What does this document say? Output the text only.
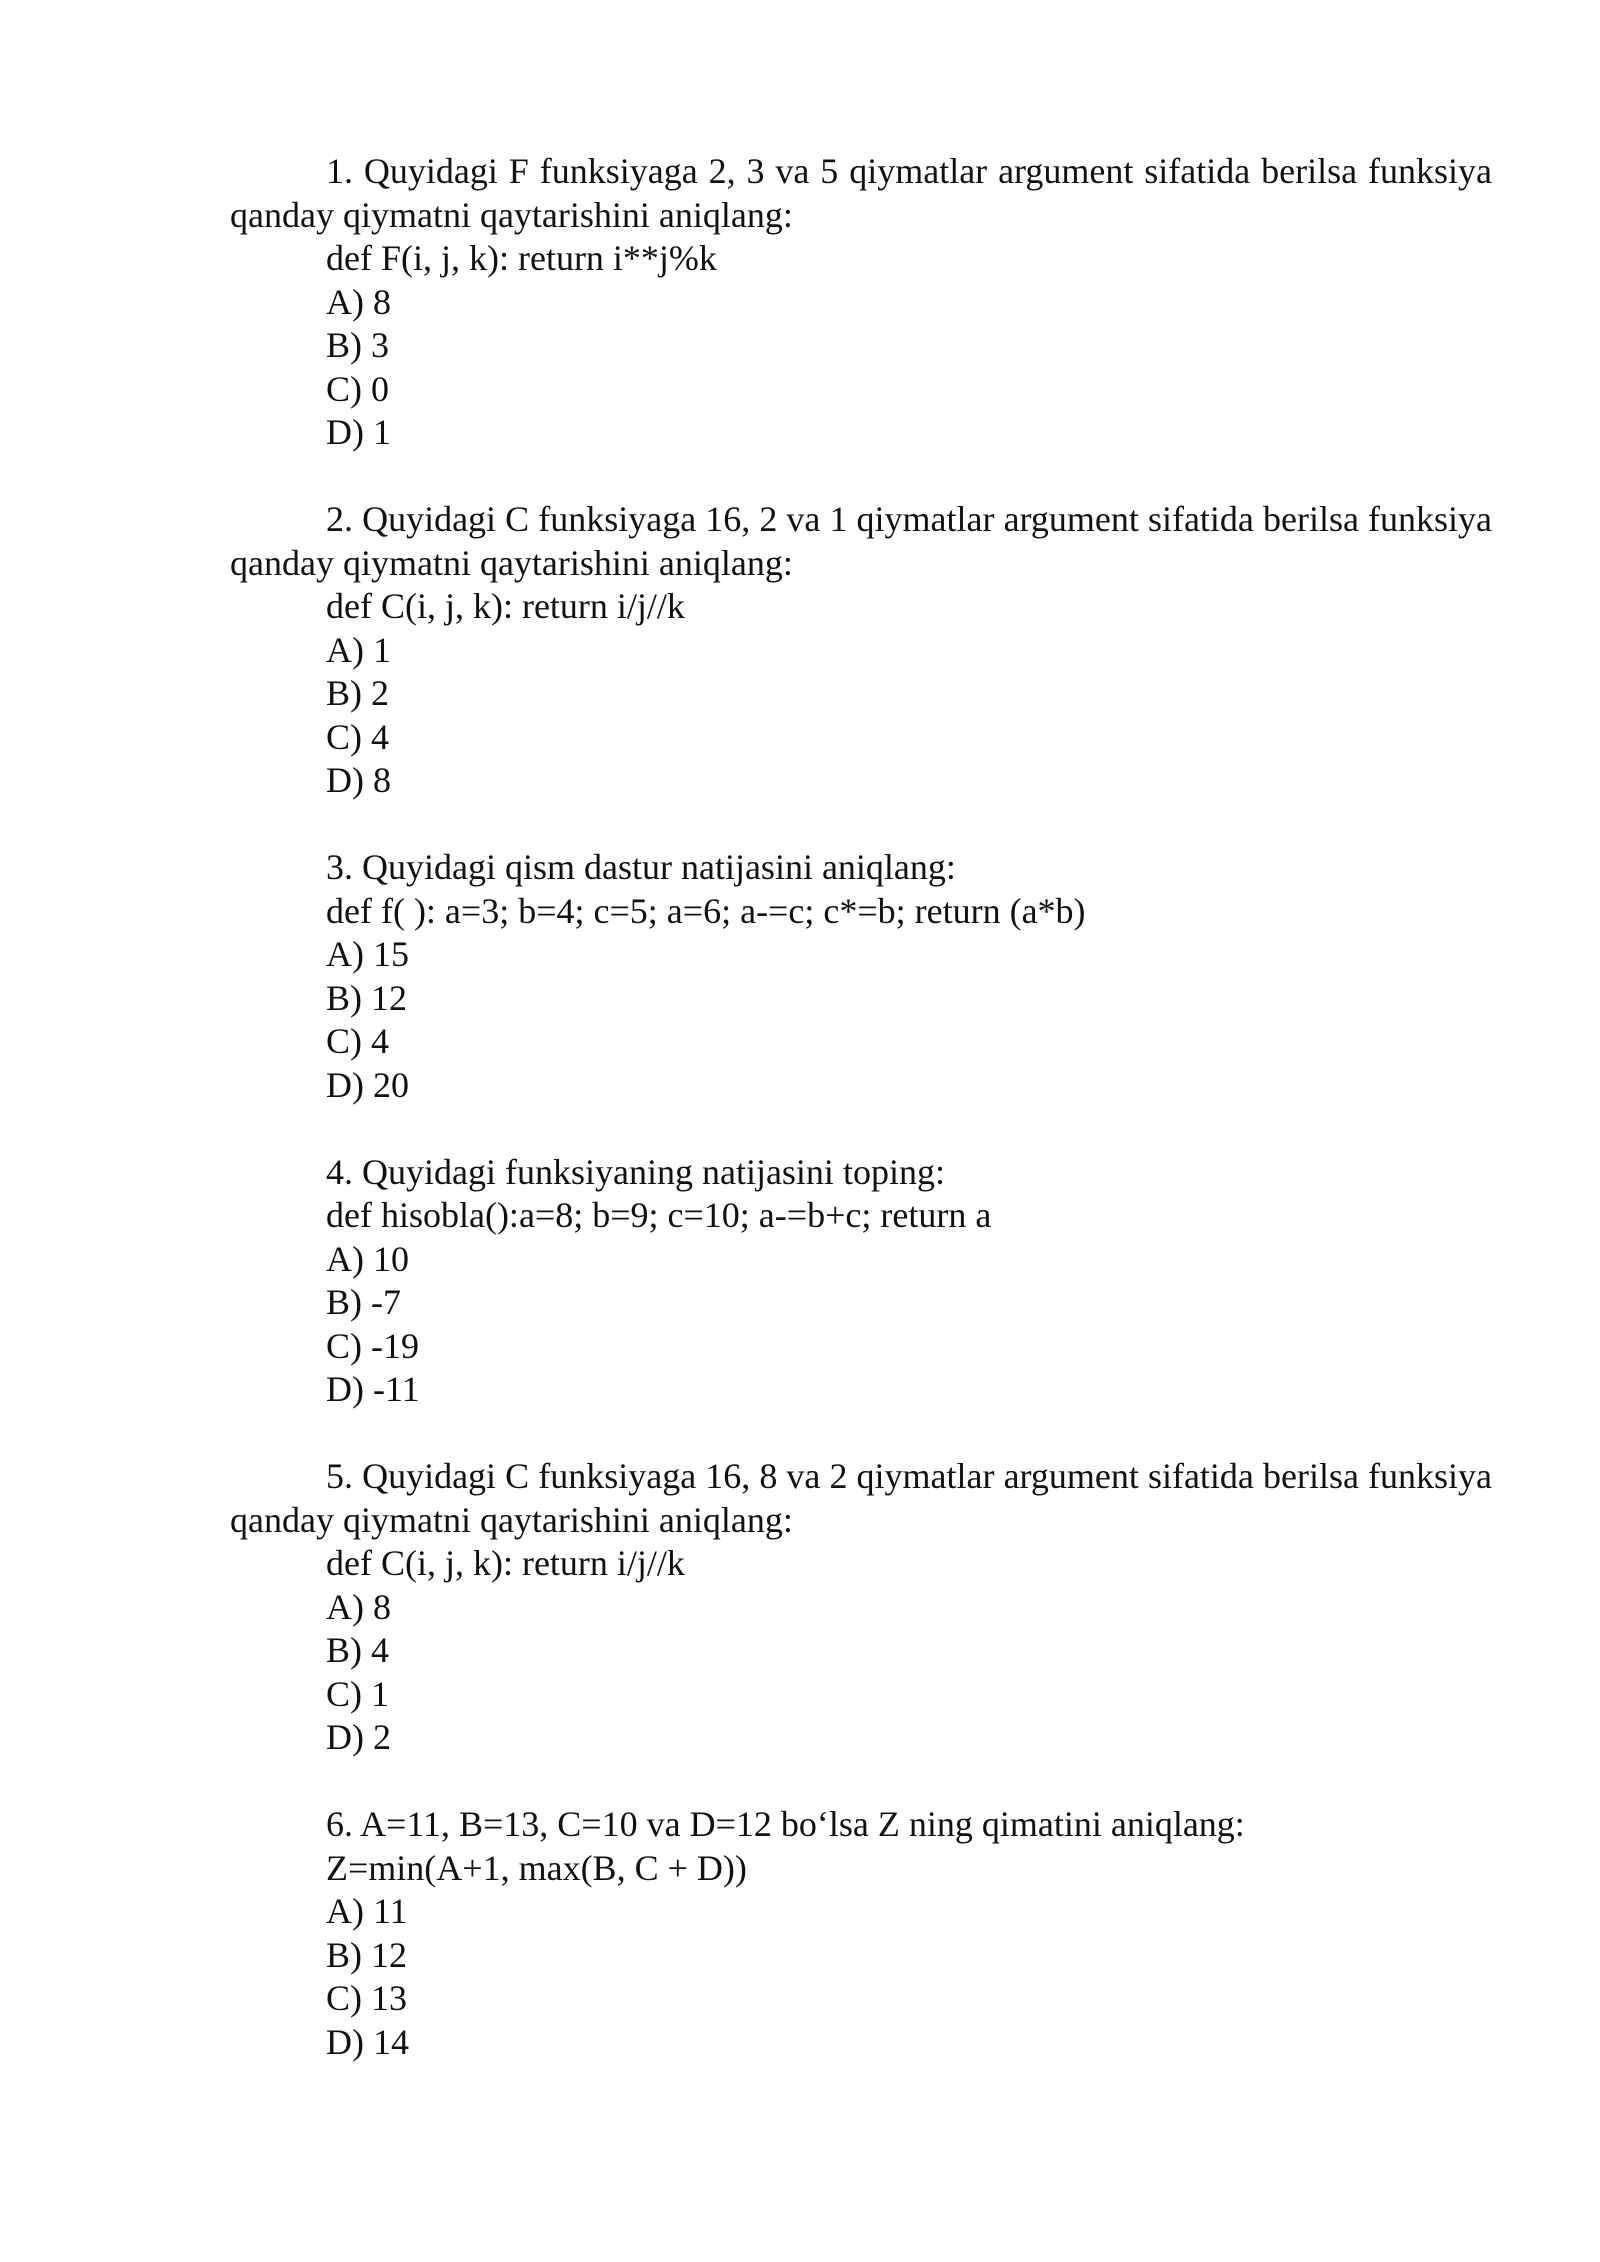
1. Quyidagi F funksiyaga 2, 3 va 5 qiymatlar argument sifatida berilsa funksiya qanday qiymatni qaytarishini aniqlang:

def F(i, j, k): return i**j%k
A) 8
B) 3
C) 0
D) 1

2. Quyidagi C funksiyaga 16, 2 va 1 qiymatlar argument sifatida berilsa funksiya qanday qiymatni qaytarishini aniqlang:

def C(i, j, k): return i/j//k
A) 1
B) 2
C) 4
D) 8

3. Quyidagi qism dastur natijasini aniqlang:

def f( ): a=3; b=4; c=5; a=6; a-=c; c*=b; return (a*b)
A) 15
B) 12
C) 4
D) 20

4. Quyidagi funksiyaning natijasini toping:

def hisobla():a=8; b=9; c=10; a-=b+c; return a
A) 10
B) -7
C) -19
D) -11

5. Quyidagi C funksiyaga 16, 8 va 2 qiymatlar argument sifatida berilsa funksiya qanday qiymatni qaytarishini aniqlang:

def C(i, j, k): return i/j//k
A) 8
B) 4
C) 1
D) 2

6. A=11, B=13, C=10 va D=12 bo‘lsa Z ning qimatini aniqlang:

Z=min(A+1, max(B, C + D))
A) 11
B) 12
C) 13
D) 14
